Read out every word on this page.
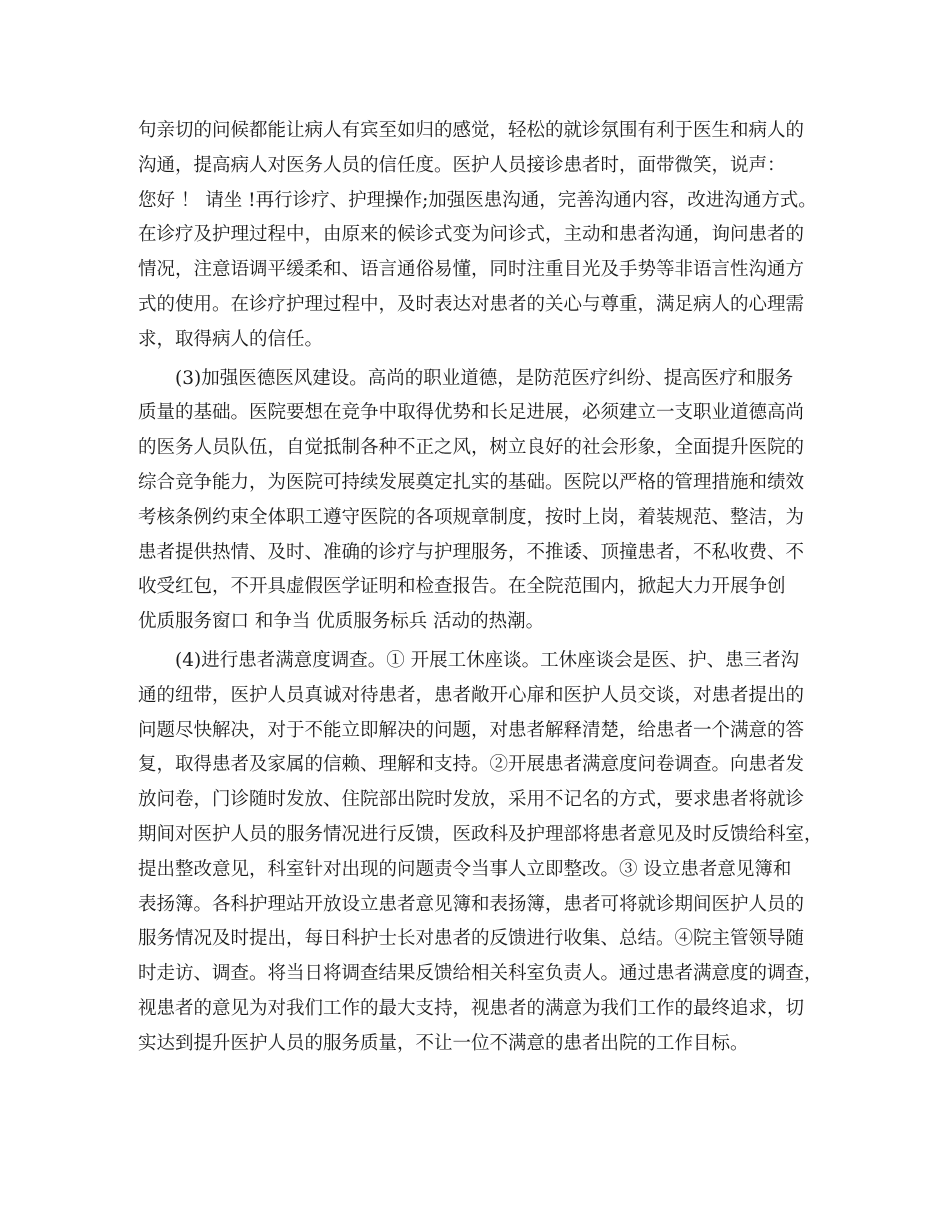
句亲切的问候都能让病人有宾至如归的感觉，轻松的就诊氛围有利于医生和病人的
沟通，提高病人对医务人员的信任度。医护人员接诊患者时，面带微笑，说声：
您好 ！ 请坐 !再行诊疗、护理操作;加强医患沟通，完善沟通内容，改进沟通方式。
在诊疗及护理过程中，由原来的候诊式变为问诊式，主动和患者沟通，询问患者的
情况，注意语调平缓柔和、语言通俗易懂，同时注重目光及手势等非语言性沟通方
式的使用。在诊疗护理过程中，及时表达对患者的关心与尊重，满足病人的心理需
求，取得病人的信任。
(3)加强医德医风建设。高尚的职业道德，是防范医疗纠纷、提高医疗和服务
质量的基础。医院要想在竞争中取得优势和长足进展，必须建立一支职业道德高尚
的医务人员队伍，自觉抵制各种不正之风，树立良好的社会形象，全面提升医院的
综合竞争能力，为医院可持续发展奠定扎实的基础。医院以严格的管理措施和绩效
考核条例约束全体职工遵守医院的各项规章制度，按时上岗，着装规范、整洁，为
患者提供热情、及时、准确的诊疗与护理服务，不推诿、顶撞患者，不私收费、不
收受红包，不开具虚假医学证明和检查报告。在全院范围内，掀起大力开展争创
优质服务窗口 和争当 优质服务标兵 活动的热潮。
(4)进行患者满意度调查。① 开展工休座谈。工休座谈会是医、护、患三者沟
通的纽带，医护人员真诚对待患者，患者敞开心扉和医护人员交谈，对患者提出的
问题尽快解决，对于不能立即解决的问题，对患者解释清楚，给患者一个满意的答
复，取得患者及家属的信赖、理解和支持。②开展患者满意度问卷调查。向患者发
放问卷，门诊随时发放、住院部出院时发放，采用不记名的方式，要求患者将就诊
期间对医护人员的服务情况进行反馈，医政科及护理部将患者意见及时反馈给科室，
提出整改意见，科室针对出现的问题责令当事人立即整改。③ 设立患者意见簿和
表扬簿。各科护理站开放设立患者意见簿和表扬簿，患者可将就诊期间医护人员的
服务情况及时提出，每日科护士长对患者的反馈进行收集、总结。④院主管领导随
时走访、调查。将当日将调查结果反馈给相关科室负责人。通过患者满意度的调查，
视患者的意见为对我们工作的最大支持，视患者的满意为我们工作的最终追求，切
实达到提升医护人员的服务质量，不让一位不满意的患者出院的工作目标。
